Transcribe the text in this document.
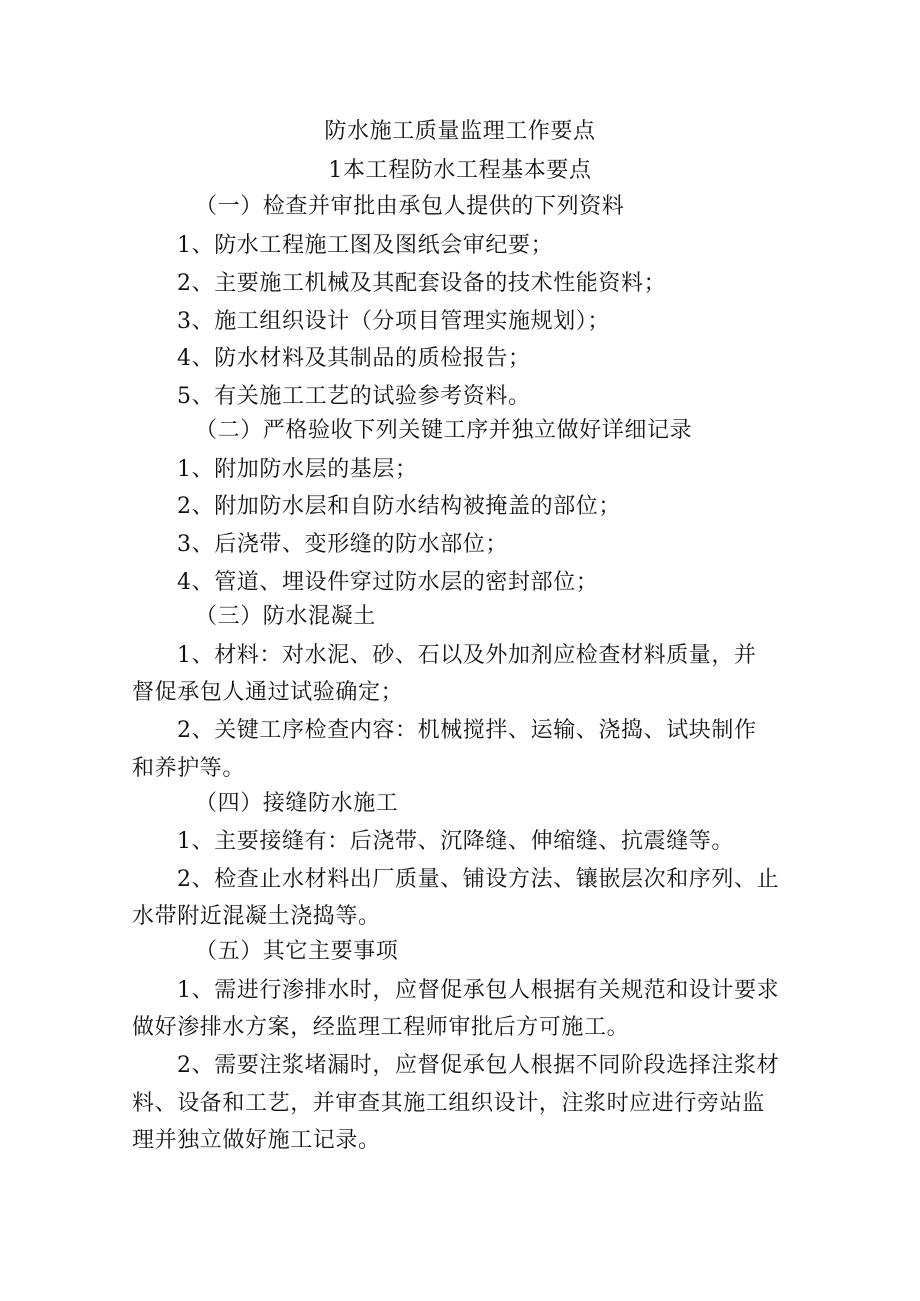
防水施工质量监理工作要点
1本工程防水工程基本要点
（一）检查并审批由承包人提供的下列资料
1、防水工程施工图及图纸会审纪要；
2、主要施工机械及其配套设备的技术性能资料；
3、施工组织设计（分项目管理实施规划）；
4、防水材料及其制品的质检报告；
5、有关施工工艺的试验参考资料。
（二）严格验收下列关键工序并独立做好详细记录
1、附加防水层的基层；
2、附加防水层和自防水结构被掩盖的部位；
3、后浇带、变形缝的防水部位；
4、管道、埋设件穿过防水层的密封部位；
（三）防水混凝土
1、材料：对水泥、砂、石以及外加剂应检查材料质量，并
督促承包人通过试验确定；
2、关键工序检查内容：机械搅拌、运输、浇捣、试块制作
和养护等。
（四）接缝防水施工
1、主要接缝有：后浇带、沉降缝、伸缩缝、抗震缝等。
2、检查止水材料出厂质量、铺设方法、镶嵌层次和序列、止
水带附近混凝土浇捣等。
（五）其它主要事项
1、需进行渗排水时，应督促承包人根据有关规范和设计要求
做好渗排水方案，经监理工程师审批后方可施工。
2、需要注浆堵漏时，应督促承包人根据不同阶段选择注浆材
料、设备和工艺，并审查其施工组织设计，注浆时应进行旁站监
理并独立做好施工记录。
